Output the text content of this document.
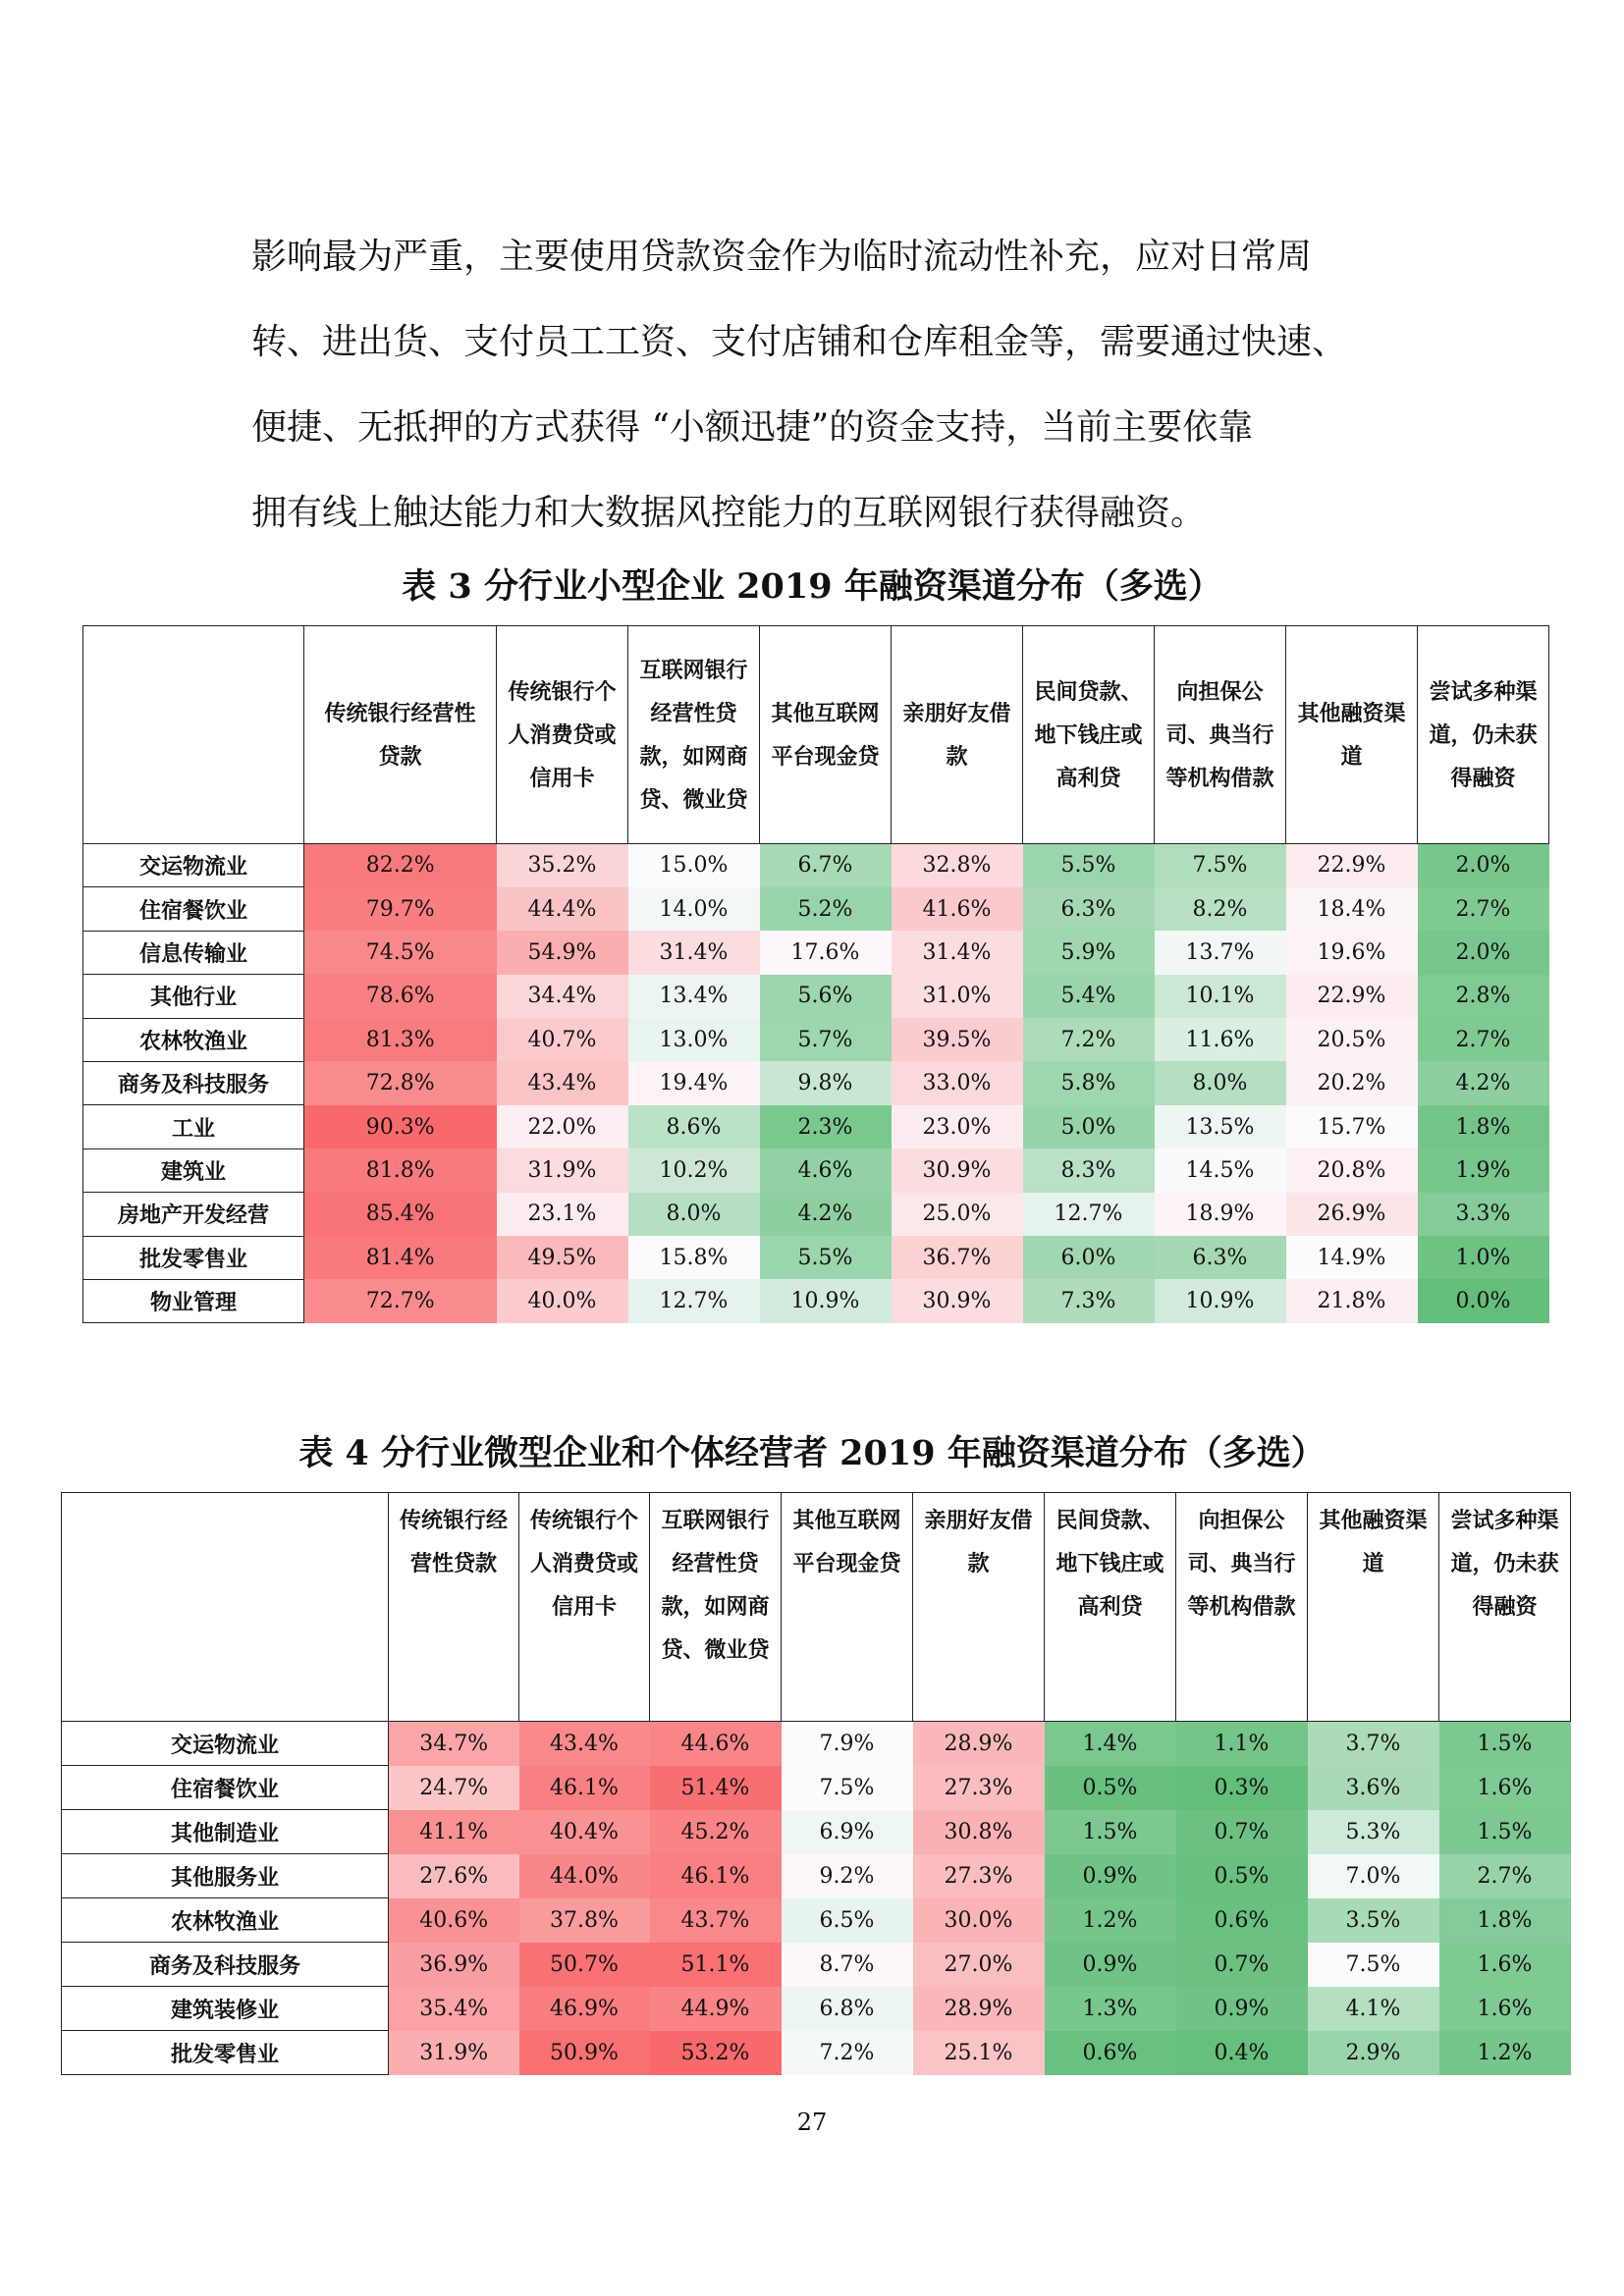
影响最为严重，主要使用贷款资金作为临时流动性补充，应对日常周

转、进出货、支付员工工资、支付店铺和仓库租金等，需要通过快速、

便捷、无抵押的方式获得 “小额迅捷”的资金支持，当前主要依靠

拥有线上触达能力和大数据风控能力的互联网银行获得融资。

表 3 分行业小型企业 2019 年融资渠道分布（多选）
	传统银行经营性贷款	传统银行个人消费贷或信用卡	互联网银行经营性贷款，如网商贷、微业贷	其他互联网平台现金贷	亲朋好友借款	民间贷款、地下钱庄或高利贷	向担保公司、典当行等机构借款	其他融资渠道	尝试多种渠道，仍未获得融资
交运物流业	82.2%	35.2%	15.0%	6.7%	32.8%	5.5%	7.5%	22.9%	2.0%
住宿餐饮业	79.7%	44.4%	14.0%	5.2%	41.6%	6.3%	8.2%	18.4%	2.7%
信息传输业	74.5%	54.9%	31.4%	17.6%	31.4%	5.9%	13.7%	19.6%	2.0%
其他行业	78.6%	34.4%	13.4%	5.6%	31.0%	5.4%	10.1%	22.9%	2.8%
农林牧渔业	81.3%	40.7%	13.0%	5.7%	39.5%	7.2%	11.6%	20.5%	2.7%
商务及科技服务	72.8%	43.4%	19.4%	9.8%	33.0%	5.8%	8.0%	20.2%	4.2%
工业	90.3%	22.0%	8.6%	2.3%	23.0%	5.0%	13.5%	15.7%	1.8%
建筑业	81.8%	31.9%	10.2%	4.6%	30.9%	8.3%	14.5%	20.8%	1.9%
房地产开发经营	85.4%	23.1%	8.0%	4.2%	25.0%	12.7%	18.9%	26.9%	3.3%
批发零售业	81.4%	49.5%	15.8%	5.5%	36.7%	6.0%	6.3%	14.9%	1.0%
物业管理	72.7%	40.0%	12.7%	10.9%	30.9%	7.3%	10.9%	21.8%	0.0%
表 4 分行业微型企业和个体经营者 2019 年融资渠道分布（多选）
	传统银行经营性贷款	传统银行个人消费贷或信用卡	互联网银行经营性贷款，如网商贷、微业贷	其他互联网平台现金贷	亲朋好友借款	民间贷款、地下钱庄或高利贷	向担保公司、典当行等机构借款	其他融资渠道	尝试多种渠道，仍未获得融资
交运物流业	34.7%	43.4%	44.6%	7.9%	28.9%	1.4%	1.1%	3.7%	1.5%
住宿餐饮业	24.7%	46.1%	51.4%	7.5%	27.3%	0.5%	0.3%	3.6%	1.6%
其他制造业	41.1%	40.4%	45.2%	6.9%	30.8%	1.5%	0.7%	5.3%	1.5%
其他服务业	27.6%	44.0%	46.1%	9.2%	27.3%	0.9%	0.5%	7.0%	2.7%
农林牧渔业	40.6%	37.8%	43.7%	6.5%	30.0%	1.2%	0.6%	3.5%	1.8%
商务及科技服务	36.9%	50.7%	51.1%	8.7%	27.0%	0.9%	0.7%	7.5%	1.6%
建筑装修业	35.4%	46.9%	44.9%	6.8%	28.9%	1.3%	0.9%	4.1%	1.6%
批发零售业	31.9%	50.9%	53.2%	7.2%	25.1%	0.6%	0.4%	2.9%	1.2%
27
